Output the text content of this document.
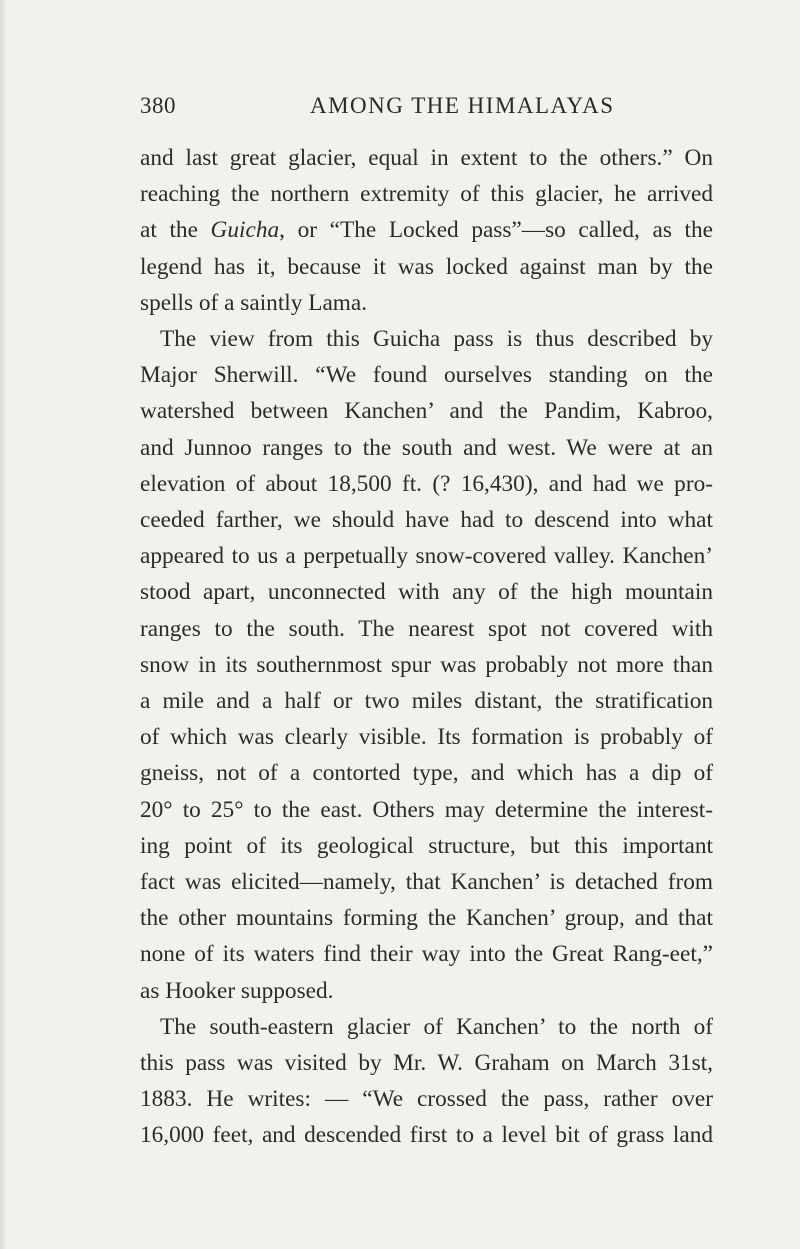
380	AMONG THE HIMALAYAS

and last great glacier, equal in extent to the others.” On

reaching the northern extremity of this glacier, he arrived

at the Guicha, or “The Locked pass”—so called, as the

legend has it, because it was locked against man by the

spells of a saintly Lama.

The view from this Guicha pass is thus described by

Major Sherwill. “We found ourselves standing on the

watershed between Kanchen’ and the Pandim, Kabroo,

and Junnoo ranges to the south and west. We were at an

elevation of about 18,500 ft. (? 16,430), and had we pro-

ceeded farther, we should have had to descend into what

appeared to us a perpetually snow-covered valley. Kanchen’

stood apart, unconnected with any of the high mountain

ranges to the south. The nearest spot not covered with

snow in its southernmost spur was probably not more than

a mile and a half or two miles distant, the stratification

of which was clearly visible. Its formation is probably of

gneiss, not of a contorted type, and which has a dip of

20° to 25° to the east. Others may determine the interest-

ing point of its geological structure, but this important

fact was elicited—namely, that Kanchen’ is detached from

the other mountains forming the Kanchen’ group, and that

none of its waters find their way into the Great Rang-eet,”

as Hooker supposed.

The south-eastern glacier of Kanchen’ to the north of

this pass was visited by Mr. W. Graham on March 31st,

1883. He writes: — “We crossed the pass, rather over

16,000 feet, and descended first to a level bit of grass land
